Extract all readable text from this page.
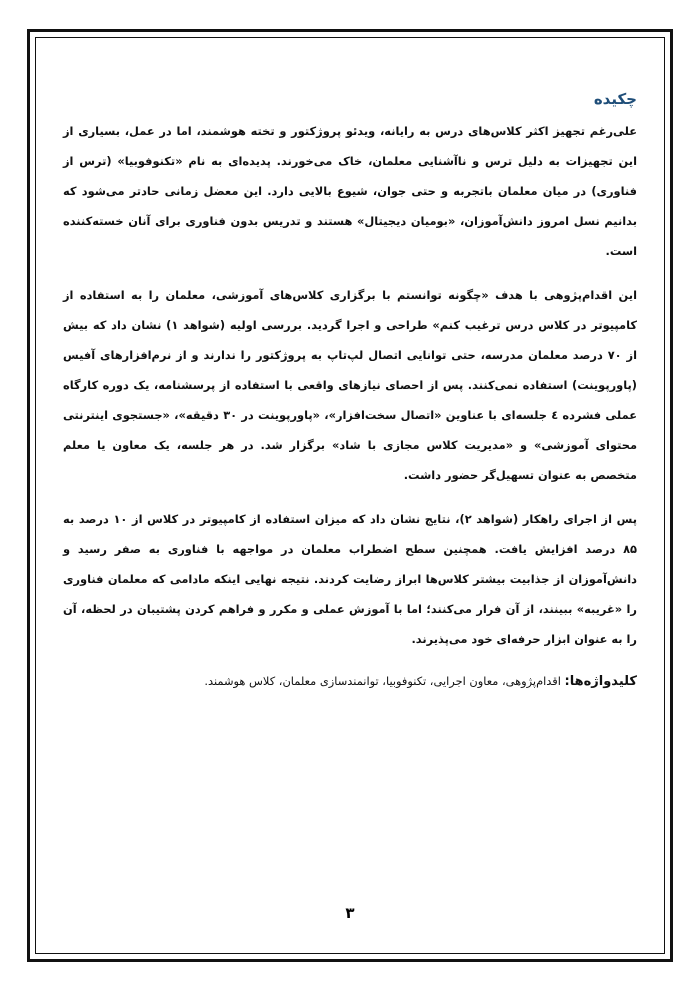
چکیده

علی‌رغم تجهیز اکثر کلاس‌های درس به رایانه، ویدئو پروژکتور و تخته هوشمند، اما در عمل، بسیاری از این تجهیزات به دلیل ترس و ناآشنایی معلمان، خاک می‌خورند. پدیده‌ای به نام «تکنوفوبیا» (ترس از فناوری) در میان معلمان باتجربه و حتی جوان، شیوع بالایی دارد. این معضل زمانی حادتر می‌شود که بدانیم نسل امروز دانش‌آموزان، «بومیان دیجیتال» هستند و تدریس بدون فناوری برای آنان خسته‌کننده است.

این اقدام‌پژوهی با هدف «چگونه توانستم با برگزاری کلاس‌های آموزشی، معلمان را به استفاده از کامپیوتر در کلاس درس ترغیب کنم» طراحی و اجرا گردید. بررسی اولیه (شواهد ۱) نشان داد که بیش از ۷۰ درصد معلمان مدرسه، حتی توانایی اتصال لپ‌تاپ به پروژکتور را ندارند و از نرم‌افزارهای آفیس (پاورپوینت) استفاده نمی‌کنند. پس از احصای نیازهای واقعی با استفاده از پرسشنامه، یک دوره کارگاه عملی فشرده ٤ جلسه‌ای با عناوین «اتصال سخت‌افزار»، «پاورپوینت در ۳۰ دقیقه»، «جستجوی اینترنتی محتوای آموزشی» و «مدیریت کلاس مجازی با شاد» برگزار شد. در هر جلسه، یک معاون یا معلم متخصص به عنوان تسهیل‌گر حضور داشت.

پس از اجرای راهکار (شواهد ۲)، نتایج نشان داد که میزان استفاده از کامپیوتر در کلاس از ۱۰ درصد به ۸۵ درصد افزایش یافت. همچنین سطح اضطراب معلمان در مواجهه با فناوری به صفر رسید و دانش‌آموزان از جذابیت بیشتر کلاس‌ها ابراز رضایت کردند. نتیجه نهایی اینکه مادامی که معلمان فناوری را «غریبه» ببینند، از آن فرار می‌کنند؛ اما با آموزش عملی و مکرر و فراهم کردن پشتیبان در لحظه، آن را به عنوان ابزار حرفه‌ای خود می‌پذیرند.

کلیدواژه‌ها: اقدام‌پژوهی، معاون اجرایی، تکنوفوبیا، توانمندسازی معلمان، کلاس هوشمند.

۳
